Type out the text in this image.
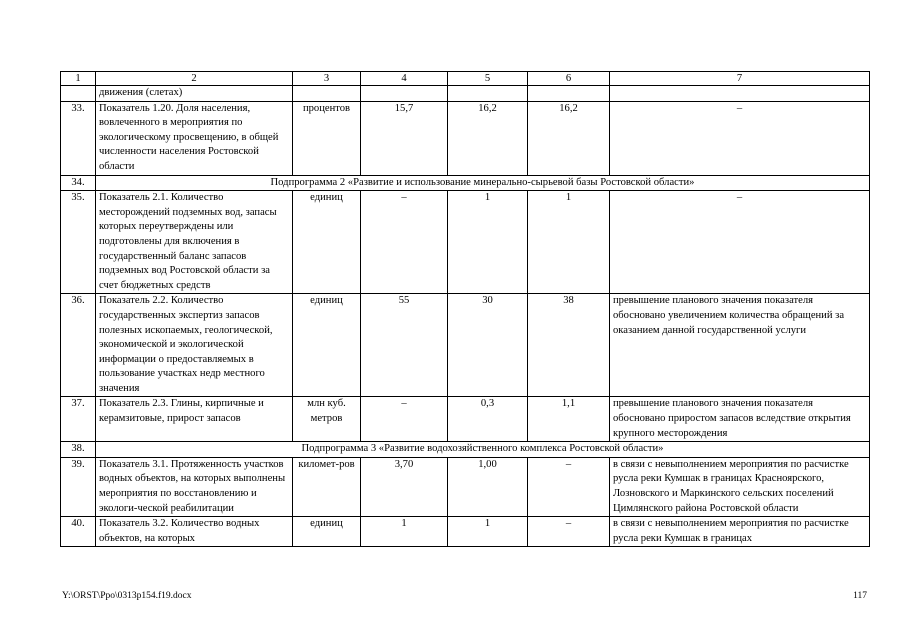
1	2	3	4	5	6	7
	движения (слетах)					
33.	Показатель 1.20. Доля населения, вовлеченного в мероприятия по экологическому просвещению, в общей численности населения Ростовской области	процентов	15,7	16,2	16,2	–
34.	Подпрограмма 2 «Развитие и использование минерально-сырьевой базы Ростовской области»					
35.	Показатель 2.1. Количество месторождений подземных вод, запасы которых переутверждены или подготовлены для включения в государственный баланс запасов подземных вод Ростовской области за счет бюджетных средств	единиц	–	1	1	–
36.	Показатель 2.2. Количество государственных экспертиз запасов полезных ископаемых, геологической, экономической и экологической информации о предоставляемых в пользование участках недр местного значения	единиц	55	30	38	превышение планового значения показателя обосновано увеличением количества обращений за оказанием данной государственной услуги
37.	Показатель 2.3. Глины, кирпичные и керамзитовые, прирост запасов	млн куб. метров	–	0,3	1,1	превышение планового значения показателя обосновано приростом запасов вследствие открытия крупного месторождения
38.	Подпрограмма 3 «Развитие водохозяйственного комплекса Ростовской области»					
39.	Показатель 3.1. Протяженность участков водных объектов, на которых выполнены мероприятия по восстановлению и экологи-ческой реабилитации	километ-ров	3,70	1,00	–	в связи с невыполнением мероприятия по расчистке русла реки Кумшак в границах Красноярского, Лозновского и Маркинского сельских поселений Цимлянского района Ростовской области
40.	Показатель 3.2. Количество водных объектов, на которых	единиц	1	1	–	в связи с невыполнением мероприятия по расчистке русла реки Кумшак в границах
Y:\ORST\Ppo\0313p154.f19.docx	117
